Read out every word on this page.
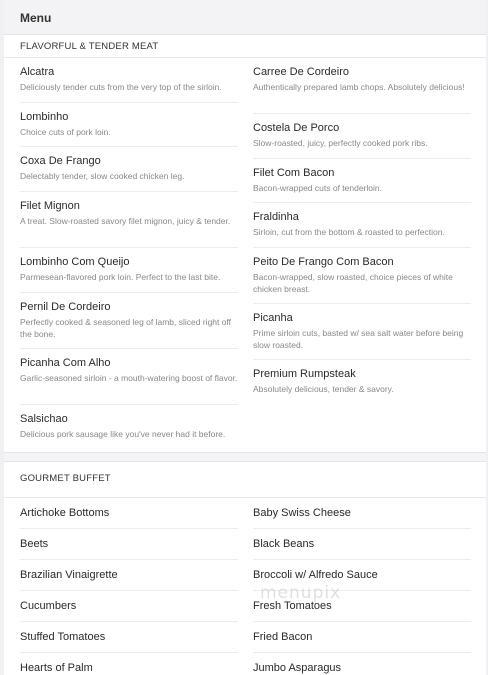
Menu
FLAVORFUL & TENDER MEAT
Alcatra
Deliciously tender cuts from the very top of the sirloin.
Lombinho
Choice cuts of pork loin.
Coxa De Frango
Delectably tender, slow cooked chicken leg.
Filet Mignon
A treat. Slow-roasted savory filet mignon, juicy & tender.
Lombinho Com Queijo
Parmesean-flavored pork loin. Perfect to the last bite.
Pernil De Cordeiro
Perfectly cooked & seasoned leg of lamb, sliced right off the bone.
Picanha Com Alho
Garlic-seasoned sirloin - a mouth-watering boost of flavor.
Salsichao
Delicious pork sausage like you've never had it before.
Carree De Cordeiro
Authentically prepared lamb chops. Absolutely delicious!
Costela De Porco
Slow-roasted, juicy, perfectly cooked pork ribs.
Filet Com Bacon
Bacon-wrapped cuts of tenderloin.
Fraldinha
Sirloin, cut from the bottom & roasted to perfection.
Peito De Frango Com Bacon
Bacon-wrapped, slow roasted, choice pieces of white chicken breast.
Picanha
Prime sirloin cuts, basted w/ sea salt water before being slow roasted.
Premium Rumpsteak
Absolutely delicious, tender & savory.
GOURMET BUFFET
Artichoke Bottoms
Beets
Brazilian Vinaigrette
Cucumbers
Stuffed Tomatoes
Hearts of Palm
Baby Swiss Cheese
Black Beans
Broccoli w/ Alfredo Sauce
Fresh Tomatoes
Fried Bacon
Jumbo Asparagus
menupix
